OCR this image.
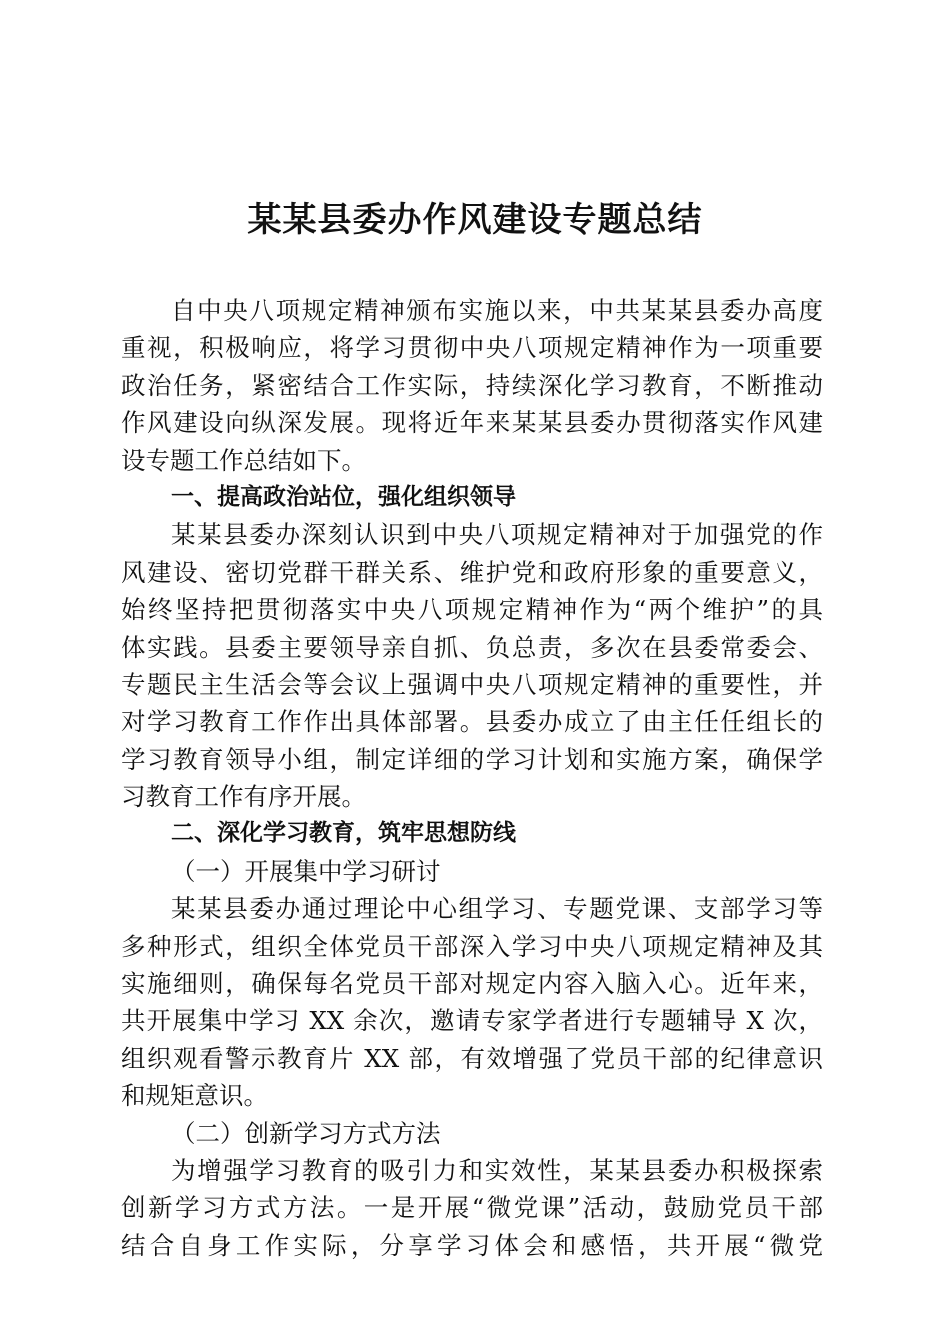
某某县委办作风建设专题总结
自中央八项规定精神颁布实施以来，中共某某县委办高度
重视，积极响应，将学习贯彻中央八项规定精神作为一项重要
政治任务，紧密结合工作实际，持续深化学习教育，不断推动
作风建设向纵深发展。现将近年来某某县委办贯彻落实作风建
设专题工作总结如下。
一、提高政治站位，强化组织领导
某某县委办深刻认识到中央八项规定精神对于加强党的作
风建设、密切党群干群关系、维护党和政府形象的重要意义，
始终坚持把贯彻落实中央八项规定精神作为“两个维护”的具
体实践。县委主要领导亲自抓、负总责，多次在县委常委会、
专题民主生活会等会议上强调中央八项规定精神的重要性，并
对学习教育工作作出具体部署。县委办成立了由主任任组长的
学习教育领导小组，制定详细的学习计划和实施方案，确保学
习教育工作有序开展。
二、深化学习教育，筑牢思想防线
（一）开展集中学习研讨
某某县委办通过理论中心组学习、专题党课、支部学习等
多种形式，组织全体党员干部深入学习中央八项规定精神及其
实施细则，确保每名党员干部对规定内容入脑入心。近年来，
共开展集中学习 XX 余次，邀请专家学者进行专题辅导 X 次，
组织观看警示教育片 XX 部，有效增强了党员干部的纪律意识
和规矩意识。
（二）创新学习方式方法
为增强学习教育的吸引力和实效性，某某县委办积极探索
创新学习方式方法。一是开展“微党课”活动，鼓励党员干部
结合自身工作实际，分享学习体会和感悟，共开展“微党
